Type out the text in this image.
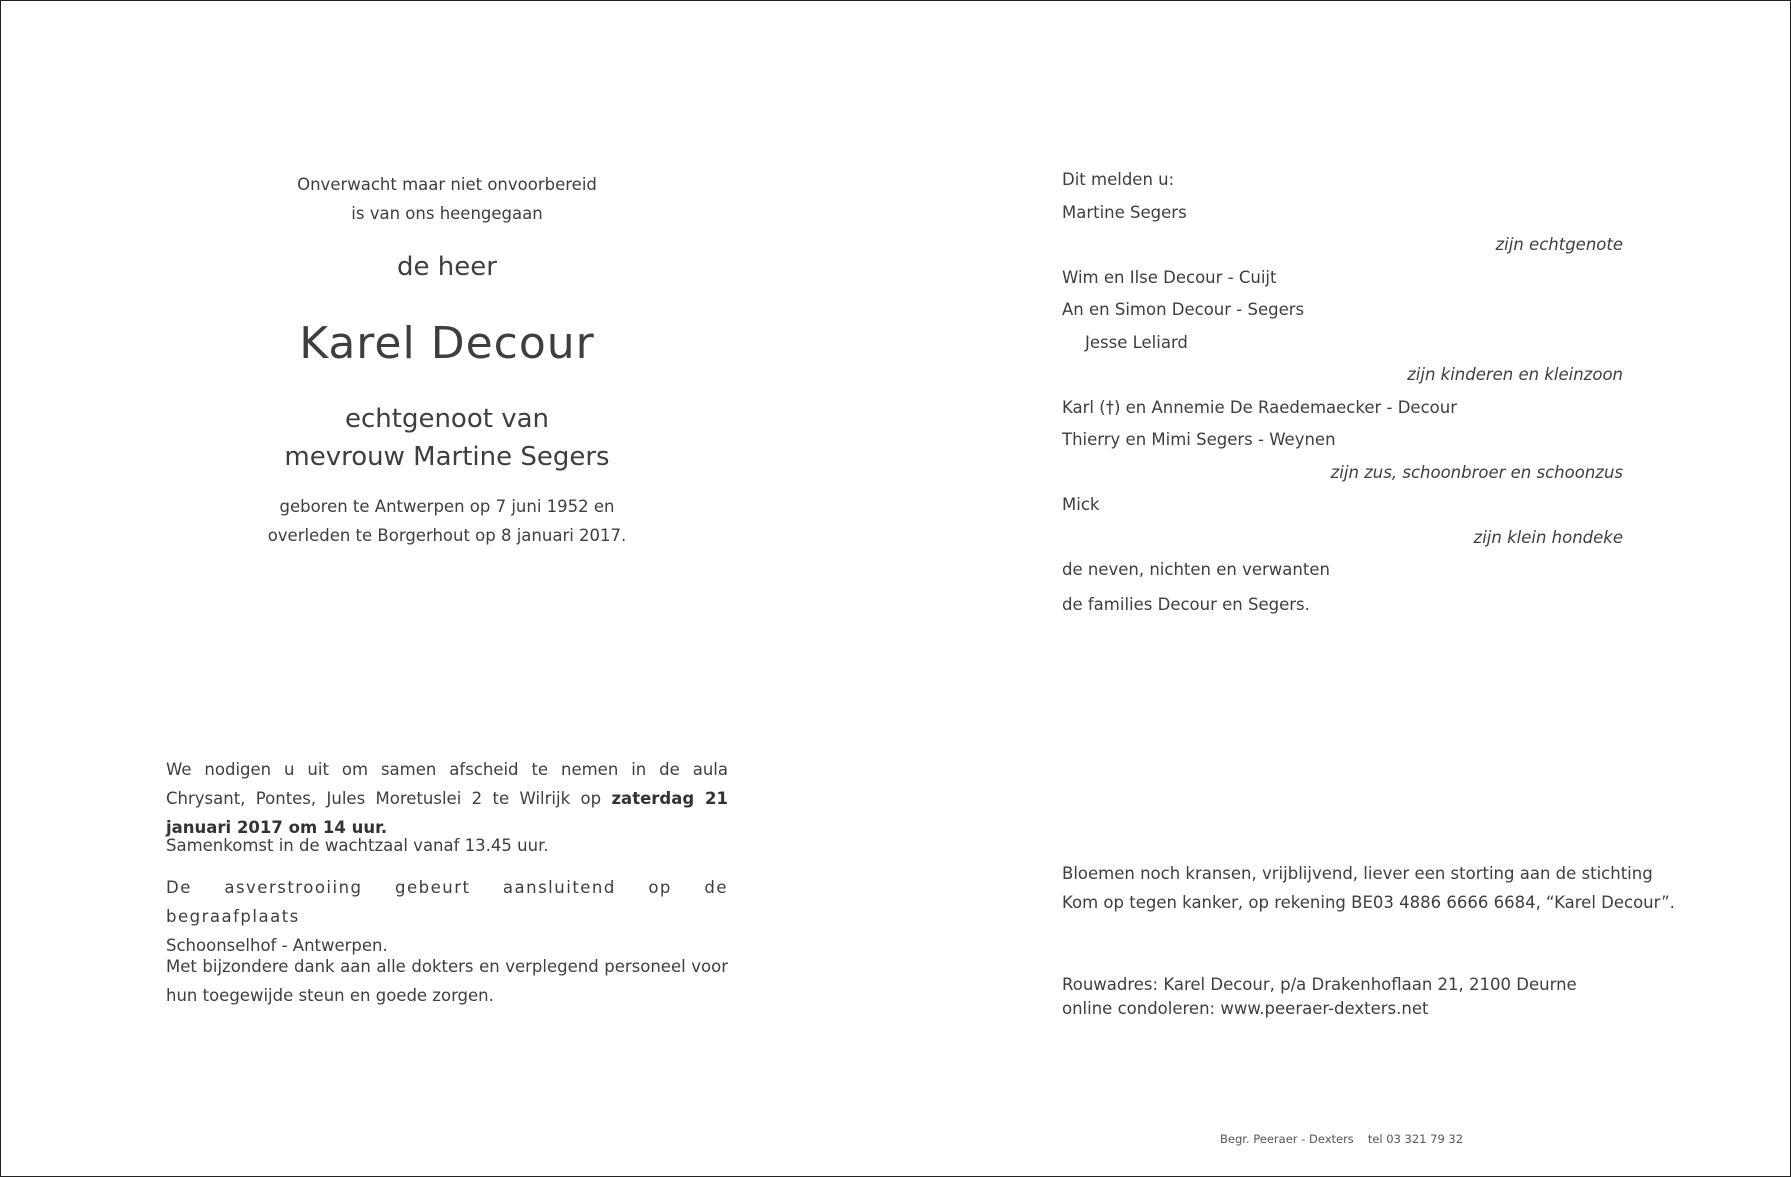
Onverwacht maar niet onvoorbereid
is van ons heengegaan
de heer
Karel Decour
echtgenoot van
mevrouw Martine Segers
geboren te Antwerpen op 7 juni 1952 en
overleden te Borgerhout op 8 januari 2017.
We nodigen u uit om samen afscheid te nemen in de aula Chrysant, Pontes, Jules Moretuslei 2 te Wilrijk op zaterdag 21 januari 2017 om 14 uur.
Samenkomst in de wachtzaal vanaf 13.45 uur.
De asverstrooiing gebeurt aansluitend op de begraafplaats
Schoonselhof - Antwerpen.
Met bijzondere dank aan alle dokters en verplegend personeel voor hun toegewijde steun en goede zorgen.
Dit melden u:
Martine Segers
zijn echtgenote
Wim en Ilse Decour - Cuijt
An en Simon Decour - Segers
Jesse Leliard
zijn kinderen en kleinzoon
Karl (†) en Annemie De Raedemaecker - Decour
Thierry en Mimi Segers - Weynen
zijn zus, schoonbroer en schoonzus
Mick
zijn klein hondeke
de neven, nichten en verwanten
de families Decour en Segers.
Bloemen noch kransen, vrijblijvend, liever een storting aan de stichting
Kom op tegen kanker, op rekening BE03 4886 6666 6684, “Karel Decour”.
Rouwadres: Karel Decour, p/a Drakenhoflaan 21, 2100 Deurne
online condoleren: www.peeraer-dexters.net
Begr. Peeraer - Dexters tel 03 321 79 32
